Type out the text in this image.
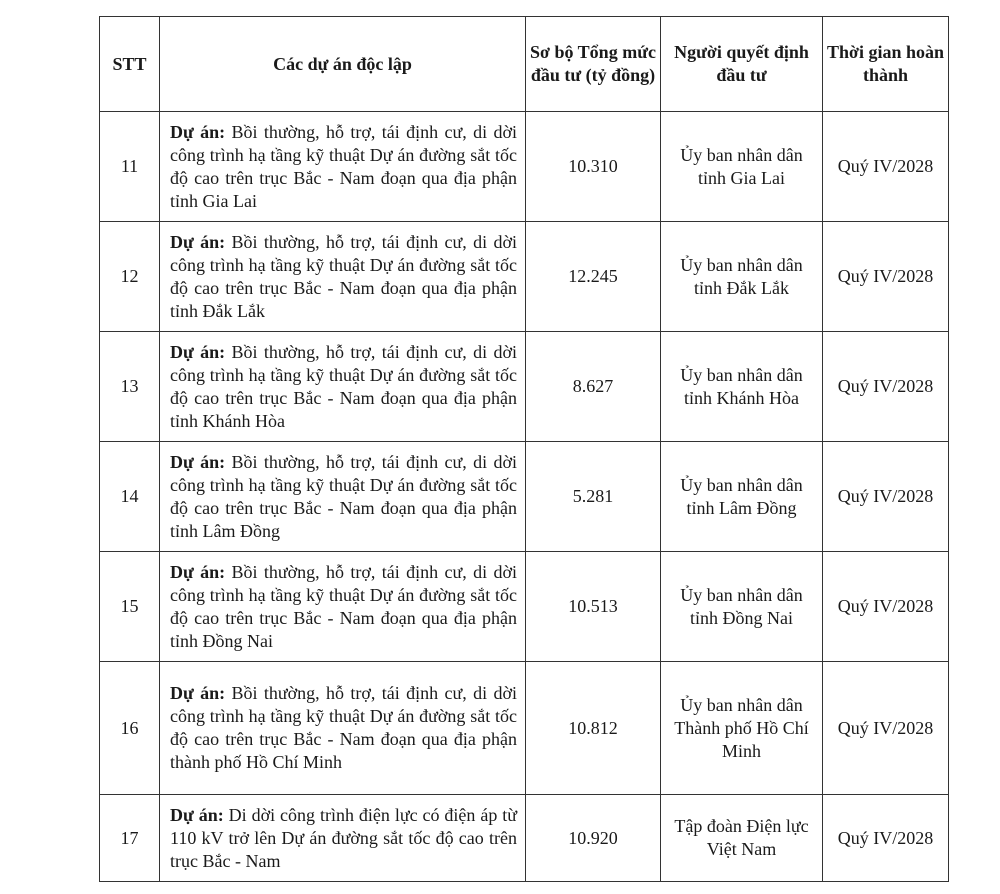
STT	Các dự án độc lập	Sơ bộ Tổng mức đầu tư (tỷ đồng)	Người quyết định đầu tư	Thời gian hoàn thành
11	Dự án: Bồi thường, hỗ trợ, tái định cư, di dời công trình hạ tầng kỹ thuật Dự án đường sắt tốc độ cao trên trục Bắc - Nam đoạn qua địa phận tỉnh Gia Lai	10.310	Ủy ban nhân dân tỉnh Gia Lai	Quý IV/2028
12	Dự án: Bồi thường, hỗ trợ, tái định cư, di dời công trình hạ tầng kỹ thuật Dự án đường sắt tốc độ cao trên trục Bắc - Nam đoạn qua địa phận tỉnh Đắk Lắk	12.245	Ủy ban nhân dân tỉnh Đắk Lắk	Quý IV/2028
13	Dự án: Bồi thường, hỗ trợ, tái định cư, di dời công trình hạ tầng kỹ thuật Dự án đường sắt tốc độ cao trên trục Bắc - Nam đoạn qua địa phận tỉnh Khánh Hòa	8.627	Ủy ban nhân dân tỉnh Khánh Hòa	Quý IV/2028
14	Dự án: Bồi thường, hỗ trợ, tái định cư, di dời công trình hạ tầng kỹ thuật Dự án đường sắt tốc độ cao trên trục Bắc - Nam đoạn qua địa phận tỉnh Lâm Đồng	5.281	Ủy ban nhân dân tỉnh Lâm Đồng	Quý IV/2028
15	Dự án: Bồi thường, hỗ trợ, tái định cư, di dời công trình hạ tầng kỹ thuật Dự án đường sắt tốc độ cao trên trục Bắc - Nam đoạn qua địa phận tỉnh Đồng Nai	10.513	Ủy ban nhân dân tỉnh Đồng Nai	Quý IV/2028
16	Dự án: Bồi thường, hỗ trợ, tái định cư, di dời công trình hạ tầng kỹ thuật Dự án đường sắt tốc độ cao trên trục Bắc - Nam đoạn qua địa phận thành phố Hồ Chí Minh	10.812	Ủy ban nhân dân Thành phố Hồ Chí Minh	Quý IV/2028
17	Dự án: Di dời công trình điện lực có điện áp từ 110 kV trở lên Dự án đường sắt tốc độ cao trên trục Bắc - Nam	10.920	Tập đoàn Điện lực Việt Nam	Quý IV/2028
